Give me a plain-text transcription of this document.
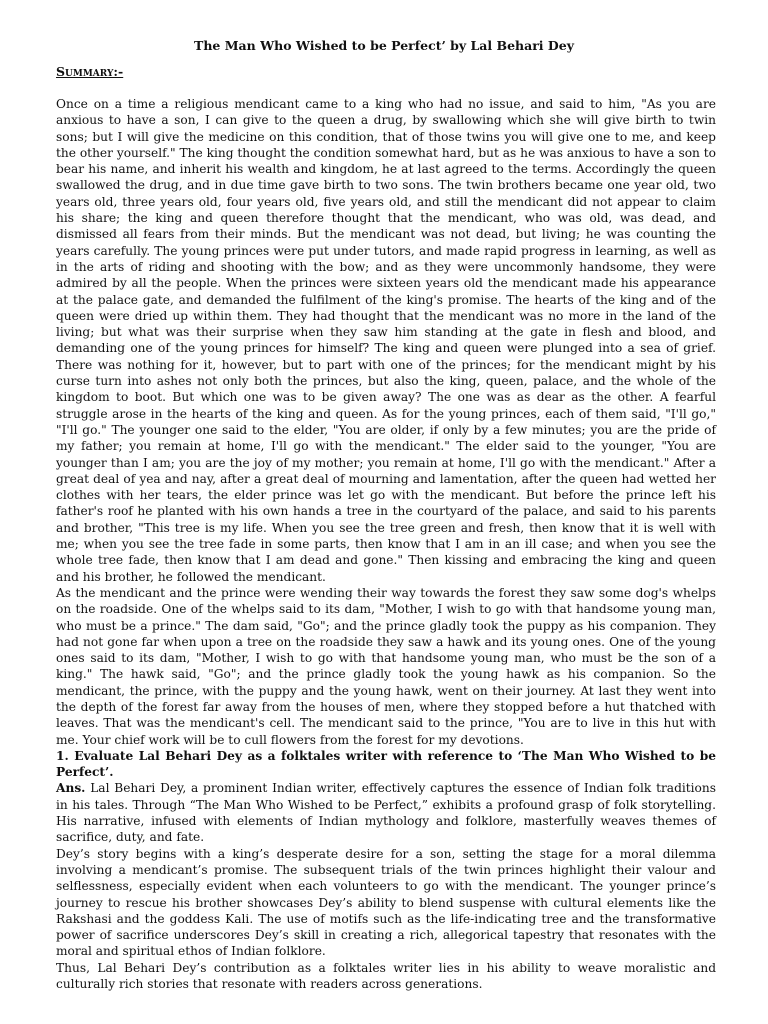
The Man Who Wished to be Perfect’ by Lal Behari Dey
Summary:-

Once on a time a religious mendicant came to a king who had no issue, and said to him, "As you are anxious to have a son, I can give to the queen a drug, by swallowing which she will give birth to twin sons; but I will give the medicine on this condition, that of those twins you will give one to me, and keep the other yourself." The king thought the condition somewhat hard, but as he was anxious to have a son to bear his name, and inherit his wealth and kingdom, he at last agreed to the terms. Accordingly the queen swallowed the drug, and in due time gave birth to two sons. The twin brothers became one year old, two years old, three years old, four years old, five years old, and still the mendicant did not appear to claim his share; the king and queen therefore thought that the mendicant, who was old, was dead, and dismissed all fears from their minds. But the mendicant was not dead, but living; he was counting the years carefully. The young princes were put under tutors, and made rapid progress in learning, as well as in the arts of riding and shooting with the bow; and as they were uncommonly handsome, they were admired by all the people. When the princes were sixteen years old the mendicant made his appearance at the palace gate, and demanded the fulfilment of the king's promise. The hearts of the king and of the queen were dried up within them. They had thought that the mendicant was no more in the land of the living; but what was their surprise when they saw him standing at the gate in flesh and blood, and demanding one of the young princes for himself? The king and queen were plunged into a sea of grief. There was nothing for it, however, but to part with one of the princes; for the mendicant might by his curse turn into ashes not only both the princes, but also the king, queen, palace, and the whole of the kingdom to boot. But which one was to be given away? The one was as dear as the other. A fearful struggle arose in the hearts of the king and queen. As for the young princes, each of them said, "I'll go," "I'll go." The younger one said to the elder, "You are older, if only by a few minutes; you are the pride of my father; you remain at home, I'll go with the mendicant." The elder said to the younger, "You are younger than I am; you are the joy of my mother; you remain at home, I'll go with the mendicant." After a great deal of yea and nay, after a great deal of mourning and lamentation, after the queen had wetted her clothes with her tears, the elder prince was let go with the mendicant. But before the prince left his father's roof he planted with his own hands a tree in the courtyard of the palace, and said to his parents and brother, "This tree is my life. When you see the tree green and fresh, then know that it is well with me; when you see the tree fade in some parts, then know that I am in an ill case; and when you see the whole tree fade, then know that I am dead and gone." Then kissing and embracing the king and queen and his brother, he followed the mendicant.

As the mendicant and the prince were wending their way towards the forest they saw some dog's whelps on the roadside. One of the whelps said to its dam, "Mother, I wish to go with that handsome young man, who must be a prince." The dam said, "Go"; and the prince gladly took the puppy as his companion. They had not gone far when upon a tree on the roadside they saw a hawk and its young ones. One of the young ones said to its dam, "Mother, I wish to go with that handsome young man, who must be the son of a king." The hawk said, "Go"; and the prince gladly took the young hawk as his companion. So the mendicant, the prince, with the puppy and the young hawk, went on their journey. At last they went into the depth of the forest far away from the houses of men, where they stopped before a hut thatched with leaves. That was the mendicant's cell. The mendicant said to the prince, "You are to live in this hut with me. Your chief work will be to cull flowers from the forest for my devotions.

1. Evaluate Lal Behari Dey as a folktales writer with reference to ‘The Man Who Wished to be Perfect’.

Ans. Lal Behari Dey, a prominent Indian writer, effectively captures the essence of Indian folk traditions in his tales. Through “The Man Who Wished to be Perfect,” exhibits a profound grasp of folk storytelling. His narrative, infused with elements of Indian mythology and folklore, masterfully weaves themes of sacrifice, duty, and fate.

Dey’s story begins with a king’s desperate desire for a son, setting the stage for a moral dilemma involving a mendicant’s promise. The subsequent trials of the twin princes highlight their valour and selflessness, especially evident when each volunteers to go with the mendicant. The younger prince’s journey to rescue his brother showcases Dey’s ability to blend suspense with cultural elements like the Rakshasi and the goddess Kali. The use of motifs such as the life-indicating tree and the transformative power of sacrifice underscores Dey’s skill in creating a rich, allegorical tapestry that resonates with the moral and spiritual ethos of Indian folklore.

Thus, Lal Behari Dey’s contribution as a folktales writer lies in his ability to weave moralistic and culturally rich stories that resonate with readers across generations.
